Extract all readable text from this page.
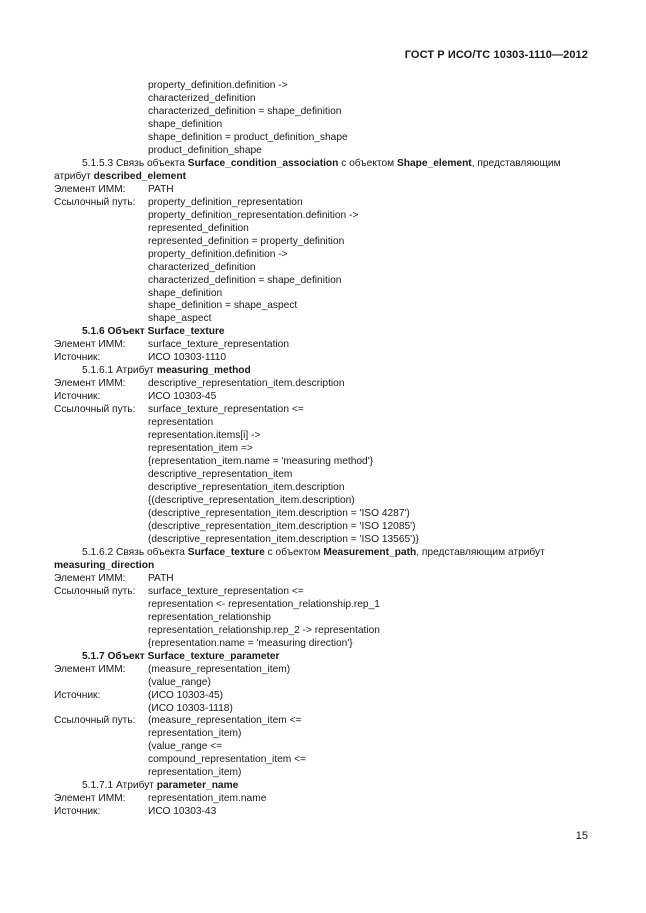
ГОСТ Р ИСО/ТС 10303-1110—2012
property_definition.definition ->
characterized_definition
characterized_definition = shape_definition
shape_definition
shape_definition = product_definition_shape
product_definition_shape
5.1.5.3 Связь объекта Surface_condition_association с объектом Shape_element, представляющим
атрибут described_element
Элемент ИММ: PATH
Ссылочный путь: property_definition_representation
property_definition_representation.definition ->
represented_definition
represented_definition = property_definition
property_definition.definition ->
characterized_definition
characterized_definition = shape_definition
shape_definition
shape_definition = shape_aspect
shape_aspect
5.1.6 Объект Surface_texture
Элемент ИММ: surface_texture_representation
Источник:	ИСО 10303-1110
5.1.6.1 Атрибут measuring_method
Элемент ИММ: descriptive_representation_item.description
Источник:	ИСО 10303-45
Ссылочный путь: surface_texture_representation <=
representation
representation.items[i] ->
representation_item =>
{representation_item.name = 'measuring method'}
descriptive_representation_item
descriptive_representation_item.description
{(descriptive_representation_item.description)
(descriptive_representation_item.description = 'ISO 4287')
(descriptive_representation_item.description = 'ISO 12085')
(descriptive_representation_item.description = 'ISO 13565')}
5.1.6.2 Связь объекта Surface_texture с объектом Measurement_path, представляющим атрибут
measuring_direction
Элемент ИММ: PATH
Ссылочный путь: surface_texture_representation <=
representation <- representation_relationship.rep_1
representation_relationship
representation_relationship.rep_2 -> representation
{representation.name = 'measuring direction'}
5.1.7 Объект Surface_texture_parameter
Элемент ИММ: (measure_representation_item)
(value_range)
Источник:	(ИСО 10303-45)
(ИСО 10303-1118)
Ссылочный путь: (measure_representation_item <=
representation_item)
(value_range <=
compound_representation_item <=
representation_item)
5.1.7.1 Атрибут parameter_name
Элемент ИММ: representation_item.name
Источник:	ИСО 10303-43
15
